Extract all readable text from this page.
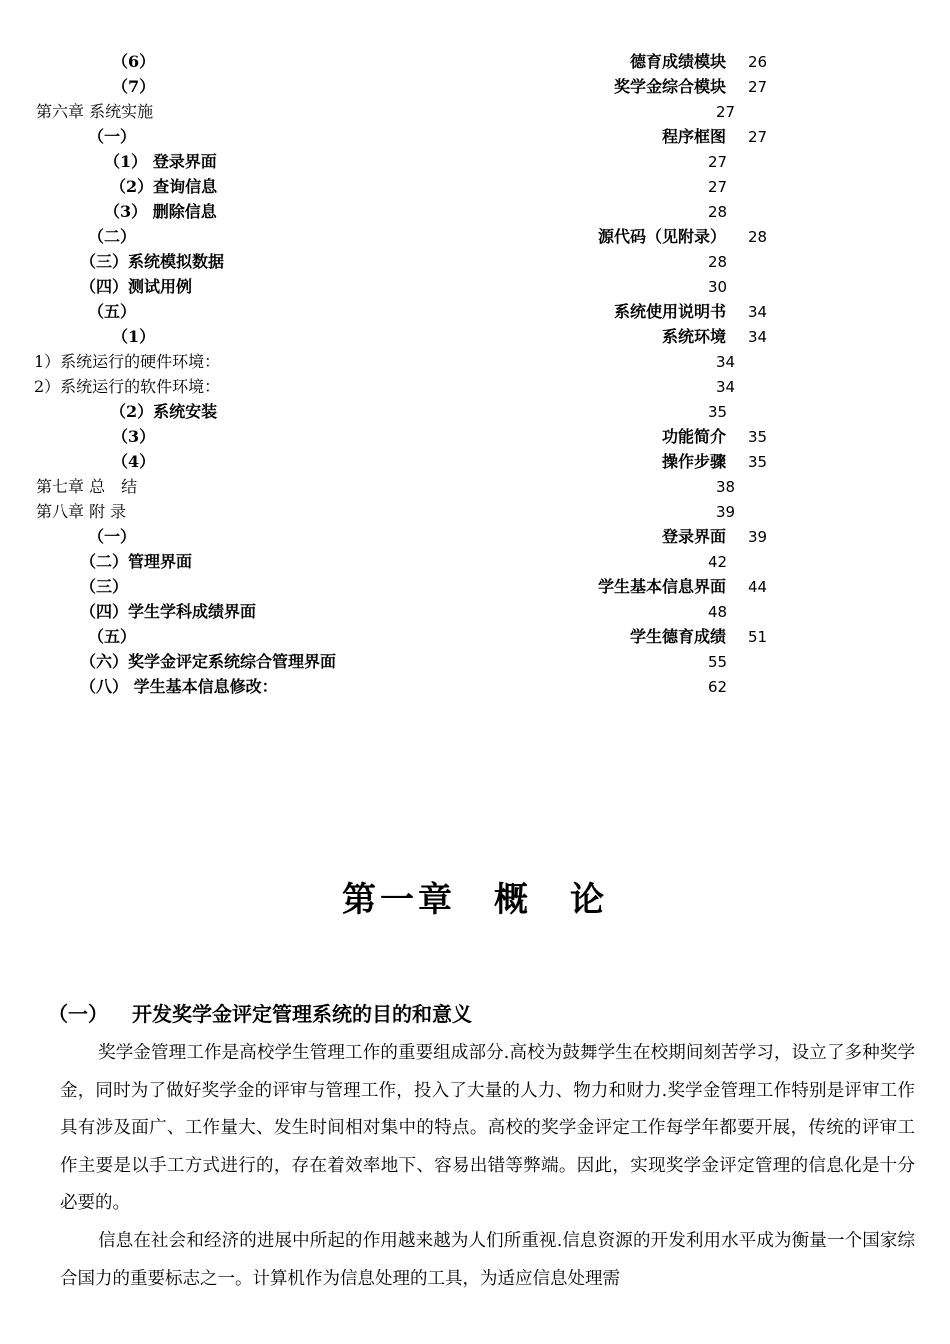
（6）	德育成绩模块 26
（7）	奖学金综合模块 27
第六章 系统实施	27
（一）	程序框图 27
（1） 登录界面	27
（2）查询信息	27
（3） 删除信息	28
（二）	源代码（见附录） 28
（三）系统模拟数据	28
（四）测试用例	30
（五）	系统使用说明书 34
（1）	系统环境 34
1）系统运行的硬件环境：	34
2）系统运行的软件环境：	34
（2）系统安装	35
（3）	功能简介 35
（4）	操作步骤 35
第七章 总　结	38
第八章 附 录	39
（一）	登录界面 39
（二）管理界面	42
（三）	学生基本信息界面 44
（四）学生学科成绩界面	48
（五）	学生德育成绩 51
（六）奖学金评定系统综合管理界面	55
（八） 学生基本信息修改：	62
第一章　概　论
（一） 开发奖学金评定管理系统的目的和意义

奖学金管理工作是高校学生管理工作的重要组成部分.高校为鼓舞学生在校期间刻苦学习，设立了多种奖学金，同时为了做好奖学金的评审与管理工作，投入了大量的人力、物力和财力.奖学金管理工作特别是评审工作具有涉及面广、工作量大、发生时间相对集中的特点。高校的奖学金评定工作每学年都要开展，传统的评审工作主要是以手工方式进行的，存在着效率地下、容易出错等弊端。因此，实现奖学金评定管理的信息化是十分必要的。

信息在社会和经济的进展中所起的作用越来越为人们所重视.信息资源的开发利用水平成为衡量一个国家综合国力的重要标志之一。计算机作为信息处理的工具，为适应信息处理需
